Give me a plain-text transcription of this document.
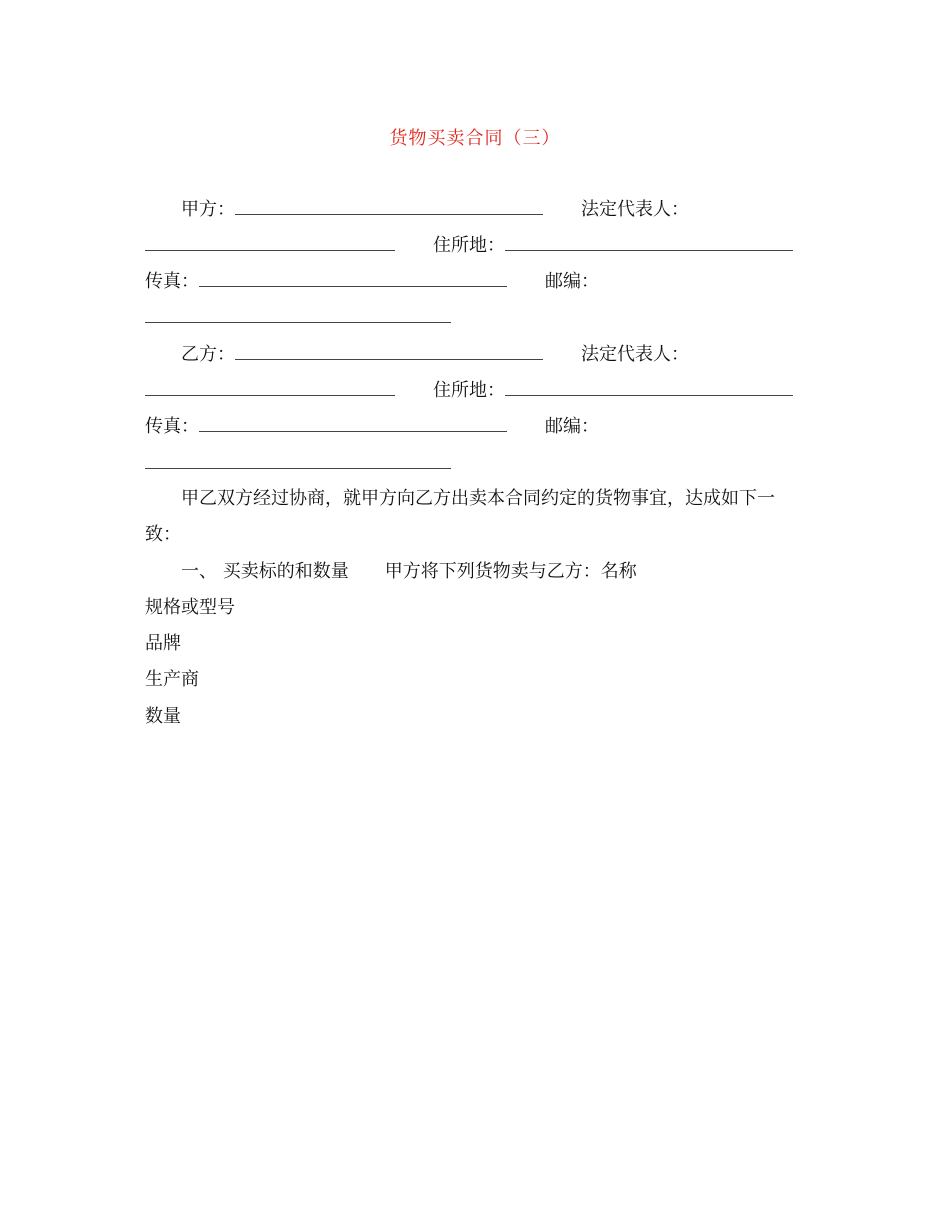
货物买卖合同（三）
甲方：	法定代表人：
住所地：
传真：	邮编：
乙方：	法定代表人：
住所地：
传真：	邮编：
甲乙双方经过协商，就甲方向乙方出卖本合同约定的货物事宜，达成如下一
致：
一、 买卖标的和数量 甲方将下列货物卖与乙方：名称
规格或型号
品牌
生产商
数量
